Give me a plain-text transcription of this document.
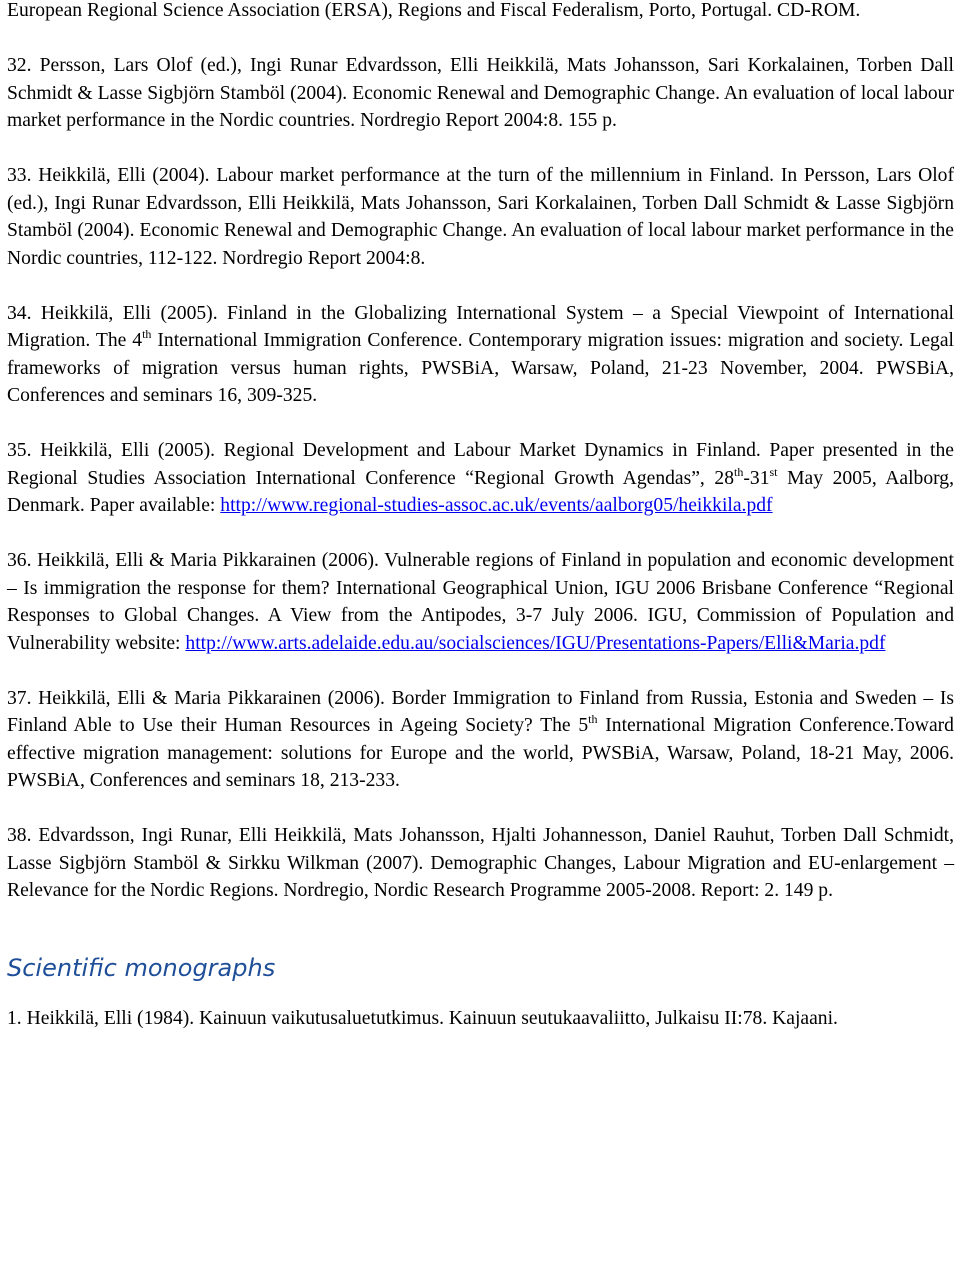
European Regional Science Association (ERSA), Regions and Fiscal Federalism, Porto, Portugal. CD-ROM.

32. Persson, Lars Olof (ed.), Ingi Runar Edvardsson, Elli Heikkilä, Mats Johansson, Sari Korkalainen, Torben Dall Schmidt & Lasse Sigbjörn Stamböl (2004). Economic Renewal and Demographic Change. An evaluation of local labour market performance in the Nordic countries. Nordregio Report 2004:8. 155 p.

33. Heikkilä, Elli (2004). Labour market performance at the turn of the millennium in Finland. In Persson, Lars Olof (ed.), Ingi Runar Edvardsson, Elli Heikkilä, Mats Johansson, Sari Korkalainen, Torben Dall Schmidt & Lasse Sigbjörn Stamböl (2004). Economic Renewal and Demographic Change. An evaluation of local labour market performance in the Nordic countries, 112-122. Nordregio Report 2004:8.

34. Heikkilä, Elli (2005). Finland in the Globalizing International System – a Special Viewpoint of International Migration. The 4th International Immigration Conference. Contemporary migration issues: migration and society. Legal frameworks of migration versus human rights, PWSBiA, Warsaw, Poland, 21-23 November, 2004. PWSBiA, Conferences and seminars 16, 309-325.

35. Heikkilä, Elli (2005). Regional Development and Labour Market Dynamics in Finland. Paper presented in the Regional Studies Association International Conference “Regional Growth Agendas”, 28th-31st May 2005, Aalborg, Denmark. Paper available: http://www.regional-studies-assoc.ac.uk/events/aalborg05/heikkila.pdf

36. Heikkilä, Elli & Maria Pikkarainen (2006). Vulnerable regions of Finland in population and economic development – Is immigration the response for them? International Geographical Union, IGU 2006 Brisbane Conference “Regional Responses to Global Changes. A View from the Antipodes, 3-7 July 2006. IGU, Commission of Population and Vulnerability website: http://www.arts.adelaide.edu.au/socialsciences/IGU/Presentations-Papers/Elli&Maria.pdf

37. Heikkilä, Elli & Maria Pikkarainen (2006). Border Immigration to Finland from Russia, Estonia and Sweden – Is Finland Able to Use their Human Resources in Ageing Society? The 5th International Migration Conference.Toward effective migration management: solutions for Europe and the world, PWSBiA, Warsaw, Poland, 18-21 May, 2006. PWSBiA, Conferences and seminars 18, 213-233.

38. Edvardsson, Ingi Runar, Elli Heikkilä, Mats Johansson, Hjalti Johannesson, Daniel Rauhut, Torben Dall Schmidt, Lasse Sigbjörn Stamböl & Sirkku Wilkman (2007). Demographic Changes, Labour Migration and EU-enlargement – Relevance for the Nordic Regions. Nordregio, Nordic Research Programme 2005-2008. Report: 2. 149 p.

Scientific monographs

1. Heikkilä, Elli (1984). Kainuun vaikutusaluetutkimus. Kainuun seutukaavaliitto, Julkaisu II:78. Kajaani.
